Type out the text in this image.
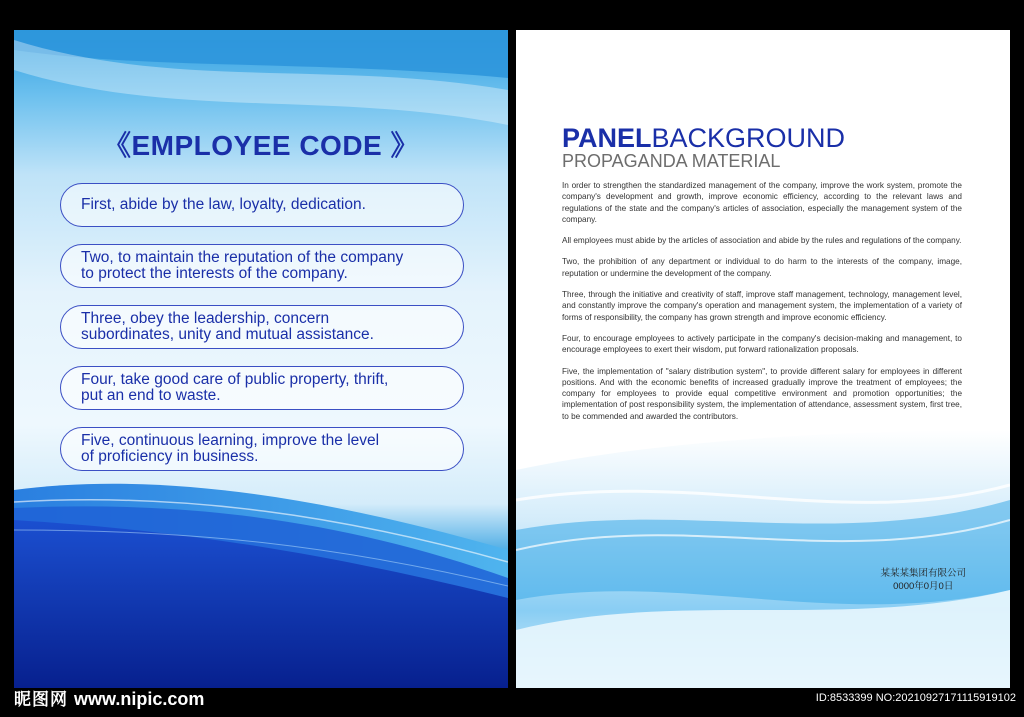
《EMPLOYEE CODE 》
First, abide by the law, loyalty, dedication.
Two, to maintain the reputation of the company
to protect the interests of the company.
Three, obey the leadership, concern
subordinates, unity and mutual assistance.
Four, take good care of public property, thrift,
put an end to waste.
Five, continuous learning, improve the level
of proficiency in business.
PANELBACKGROUND
PROPAGANDA MATERIAL

In order to strengthen the standardized management of the company, improve the work system, promote the company's development and growth, improve economic efficiency, according to the relevant laws and regulations of the state and the company's articles of association, especially the management system of the company.

All employees must abide by the articles of association and abide by the rules and regulations of the company.

Two, the prohibition of any department or individual to do harm to the interests of the company, image, reputation or undermine the development of the company.

Three, through the initiative and creativity of staff, improve staff management, technology, management level, and constantly improve the company's operation and management system, the implementation of a variety of forms of responsibility, the company has grown strength and improve economic efficiency.

Four, to encourage employees to actively participate in the company's decision-making and management, to encourage employees to exert their wisdom, put forward rationalization proposals.

Five, the implementation of "salary distribution system", to provide different salary for employees in different positions. And with the economic benefits of increased gradually improve the treatment of employees; the company for employees to provide equal competitive environment and promotion opportunities; the implementation of post responsibility system, the implementation of attendance, assessment system, first tree, to be commended and awarded the contributors.

某某某集团有限公司
0000年0月0日
昵图网 www.nipic.com	ID:8533399 NO:20210927171115919102
